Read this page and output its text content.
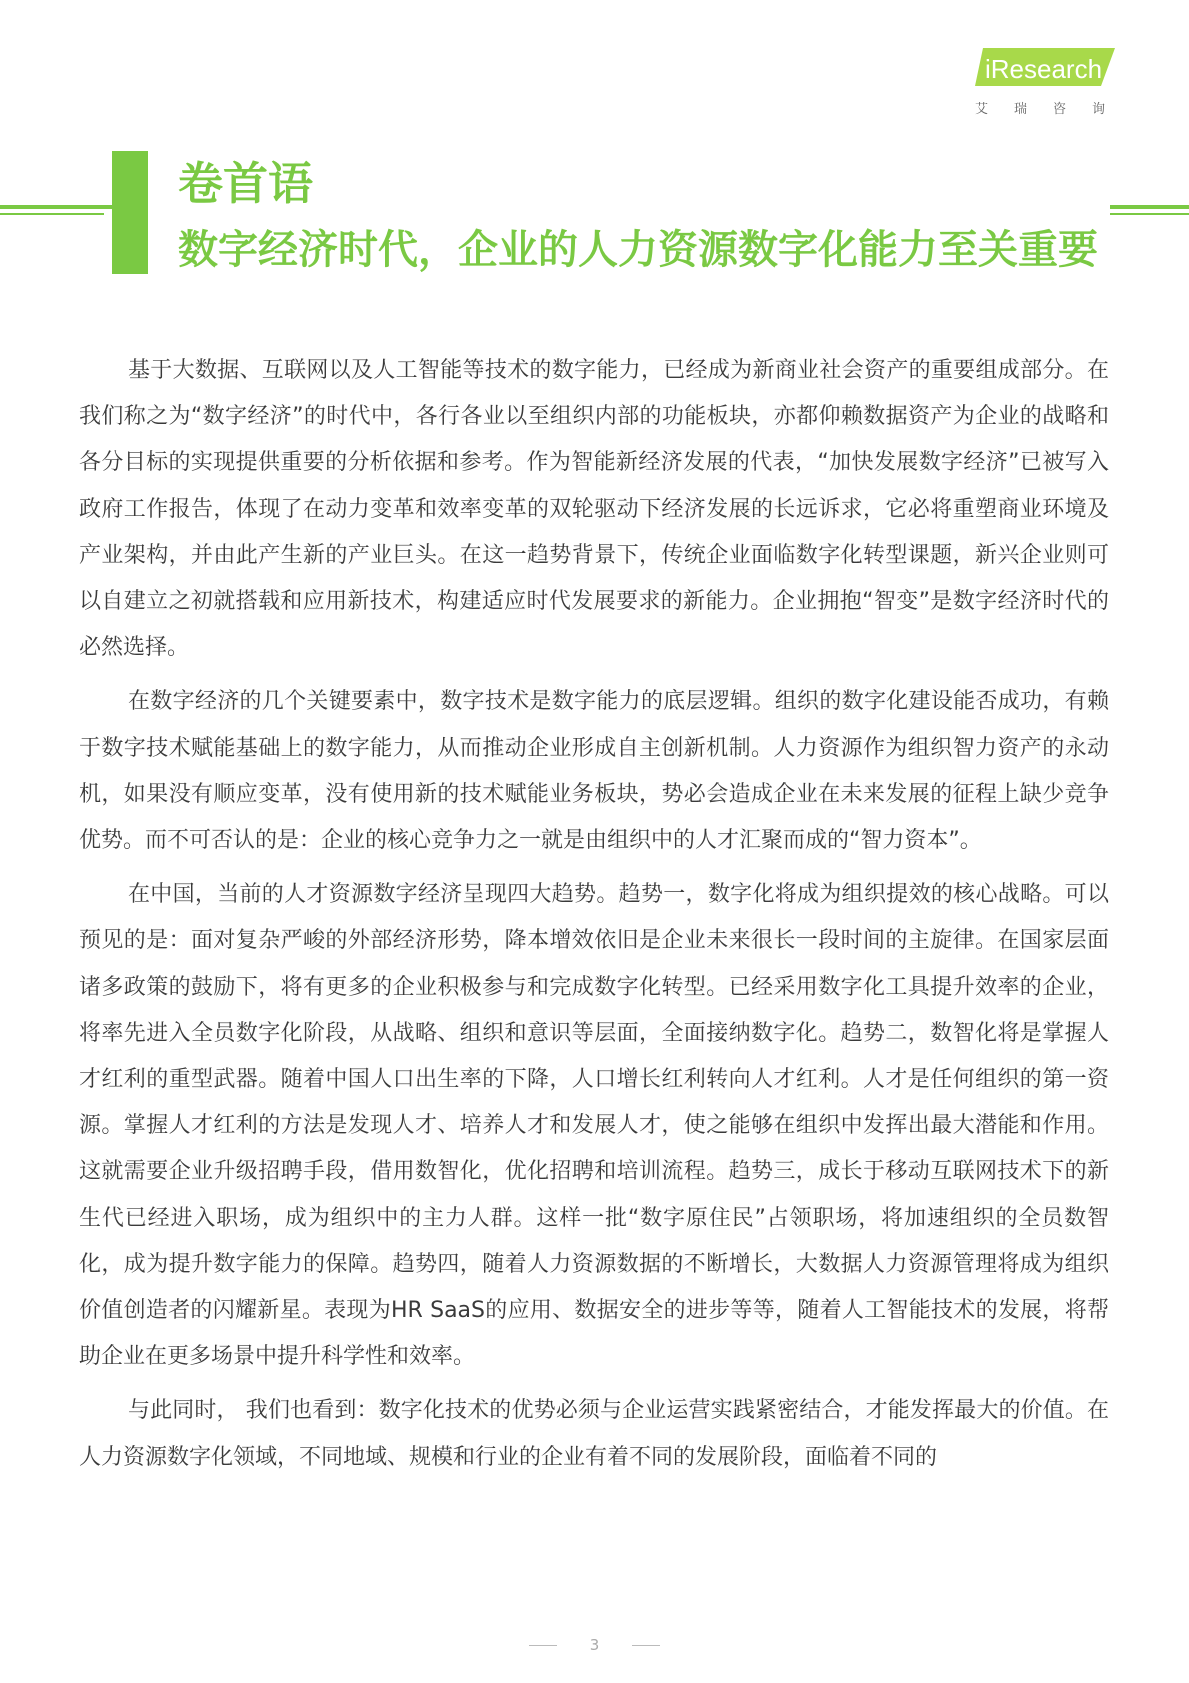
iResearch
艾瑞咨询
卷首语
数字经济时代，企业的人力资源数字化能力至关重要

基于大数据、互联网以及人工智能等技术的数字能力，已经成为新商业社会资产的重要组成部分。在我们称之为“数字经济”的时代中，各行各业以至组织内部的功能板块，亦都仰赖数据资产为企业的战略和各分目标的实现提供重要的分析依据和参考。作为智能新经济发展的代表，“加快发展数字经济”已被写入政府工作报告，体现了在动力变革和效率变革的双轮驱动下经济发展的长远诉求，它必将重塑商业环境及产业架构，并由此产生新的产业巨头。在这一趋势背景下，传统企业面临数字化转型课题，新兴企业则可以自建立之初就搭载和应用新技术，构建适应时代发展要求的新能力。企业拥抱“智变”是数字经济时代的必然选择。

在数字经济的几个关键要素中，数字技术是数字能力的底层逻辑。组织的数字化建设能否成功，有赖于数字技术赋能基础上的数字能力，从而推动企业形成自主创新机制。人力资源作为组织智力资产的永动机，如果没有顺应变革，没有使用新的技术赋能业务板块，势必会造成企业在未来发展的征程上缺少竞争优势。而不可否认的是：企业的核心竞争力之一就是由组织中的人才汇聚而成的“智力资本”。

在中国，当前的人才资源数字经济呈现四大趋势。趋势一，数字化将成为组织提效的核心战略。可以预见的是：面对复杂严峻的外部经济形势，降本增效依旧是企业未来很长一段时间的主旋律。在国家层面诸多政策的鼓励下，将有更多的企业积极参与和完成数字化转型。已经采用数字化工具提升效率的企业，将率先进入全员数字化阶段，从战略、组织和意识等层面，全面接纳数字化。趋势二，数智化将是掌握人才红利的重型武器。随着中国人口出生率的下降，人口增长红利转向人才红利。人才是任何组织的第一资源。掌握人才红利的方法是发现人才、培养人才和发展人才，使之能够在组织中发挥出最大潜能和作用。这就需要企业升级招聘手段，借用数智化，优化招聘和培训流程。趋势三，成长于移动互联网技术下的新生代已经进入职场，成为组织中的主力人群。这样一批“数字原住民”占领职场，将加速组织的全员数智化，成为提升数字能力的保障。趋势四，随着人力资源数据的不断增长，大数据人力资源管理将成为组织价值创造者的闪耀新星。表现为HR SaaS的应用、数据安全的进步等等，随着人工智能技术的发展，将帮助企业在更多场景中提升科学性和效率。

与此同时， 我们也看到：数字化技术的优势必须与企业运营实践紧密结合，才能发挥最大的价值。在人力资源数字化领域，不同地域、规模和行业的企业有着不同的发展阶段，面临着不同的

3
